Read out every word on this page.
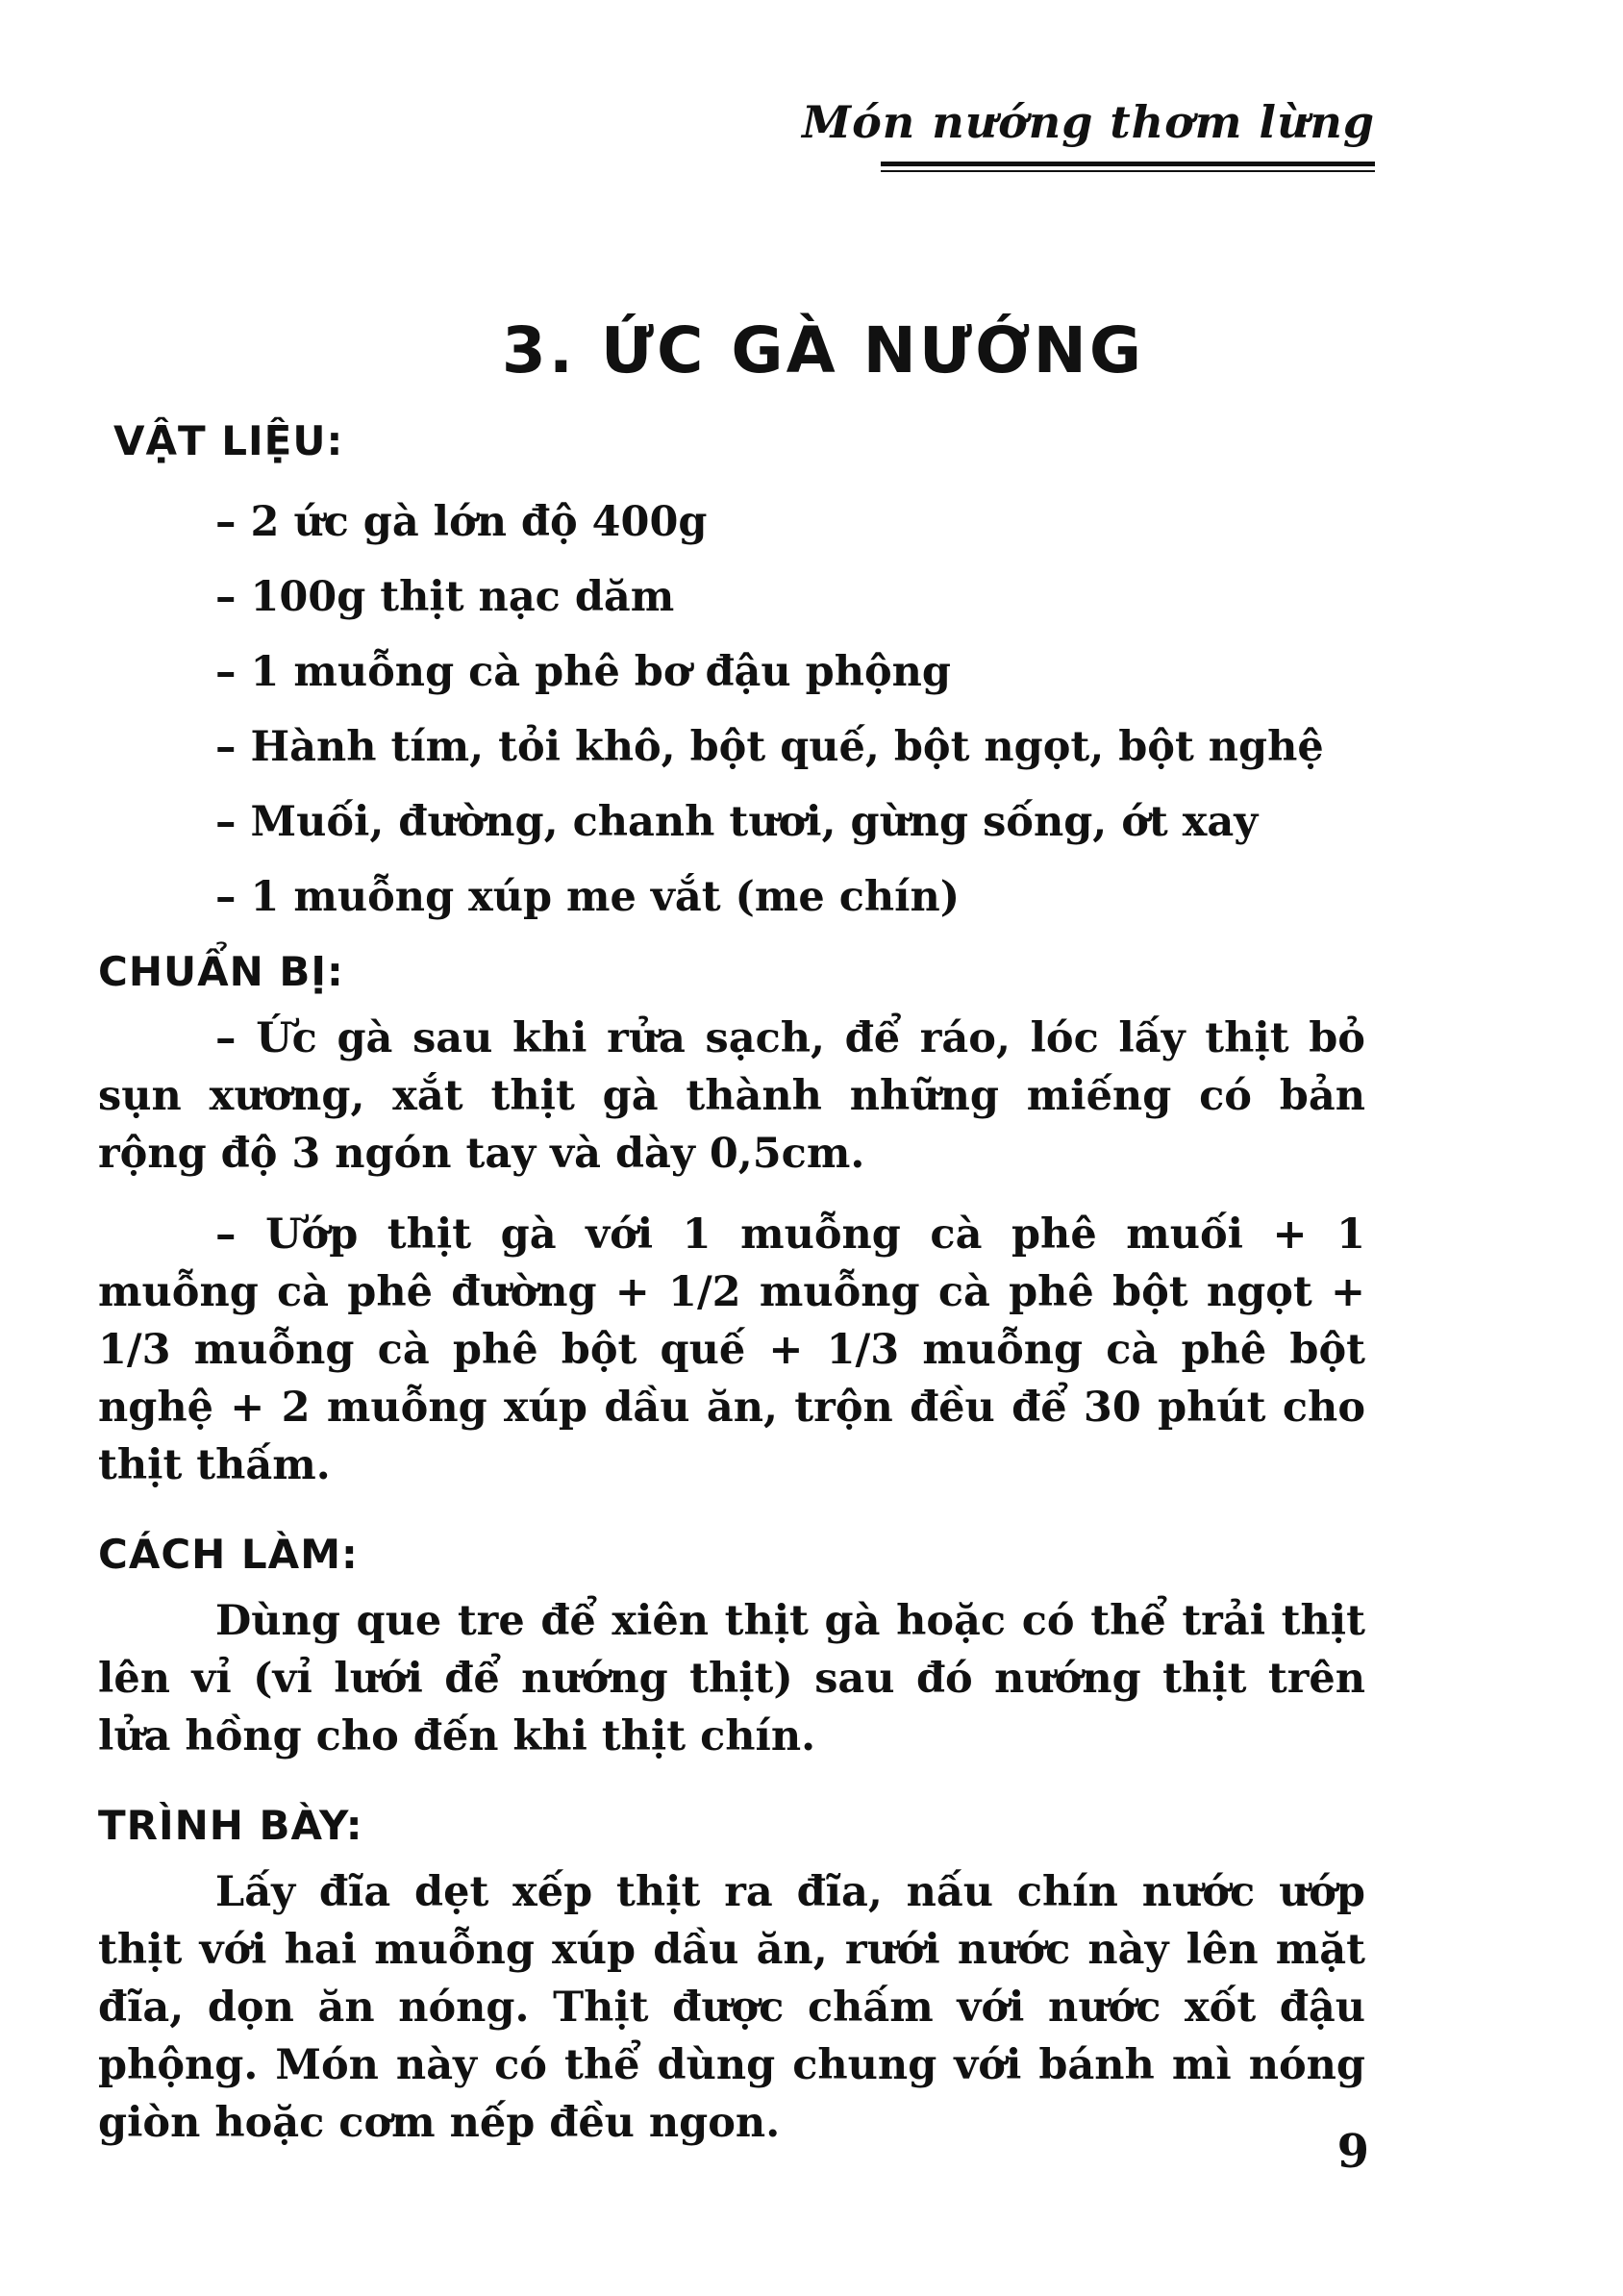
Món nướng thơm lừng
3. ỨC GÀ NƯỚNG
VẬT LIỆU:
– 2 ức gà lớn độ 400g
– 100g thịt nạc dăm
– 1 muỗng cà phê bơ đậu phộng
– Hành tím, tỏi khô, bột quế, bột ngọt, bột nghệ
– Muối, đường, chanh tươi, gừng sống, ớt xay
– 1 muỗng xúp me vắt (me chín)
CHUẨN BỊ:

– Ức gà sau khi rửa sạch, để ráo, lóc lấy thịt bỏ sụn xương, xắt thịt gà thành những miếng có bản rộng độ 3 ngón tay và dày 0,5cm.

– Ướp thịt gà với 1 muỗng cà phê muối + 1 muỗng cà phê đường + 1/2 muỗng cà phê bột ngọt + 1/3 muỗng cà phê bột quế + 1/3 muỗng cà phê bột nghệ + 2 muỗng xúp dầu ăn, trộn đều để 30 phút cho thịt thấm.

CÁCH LÀM:

Dùng que tre để xiên thịt gà hoặc có thể trải thịt lên vỉ (vỉ lưới để nướng thịt) sau đó nướng thịt trên lửa hồng cho đến khi thịt chín.

TRÌNH BÀY:

Lấy đĩa dẹt xếp thịt ra đĩa, nấu chín nước ướp thịt với hai muỗng xúp dầu ăn, rưới nước này lên mặt đĩa, dọn ăn nóng. Thịt được chấm với nước xốt đậu phộng. Món này có thể dùng chung với bánh mì nóng giòn hoặc cơm nếp đều ngon.

9
